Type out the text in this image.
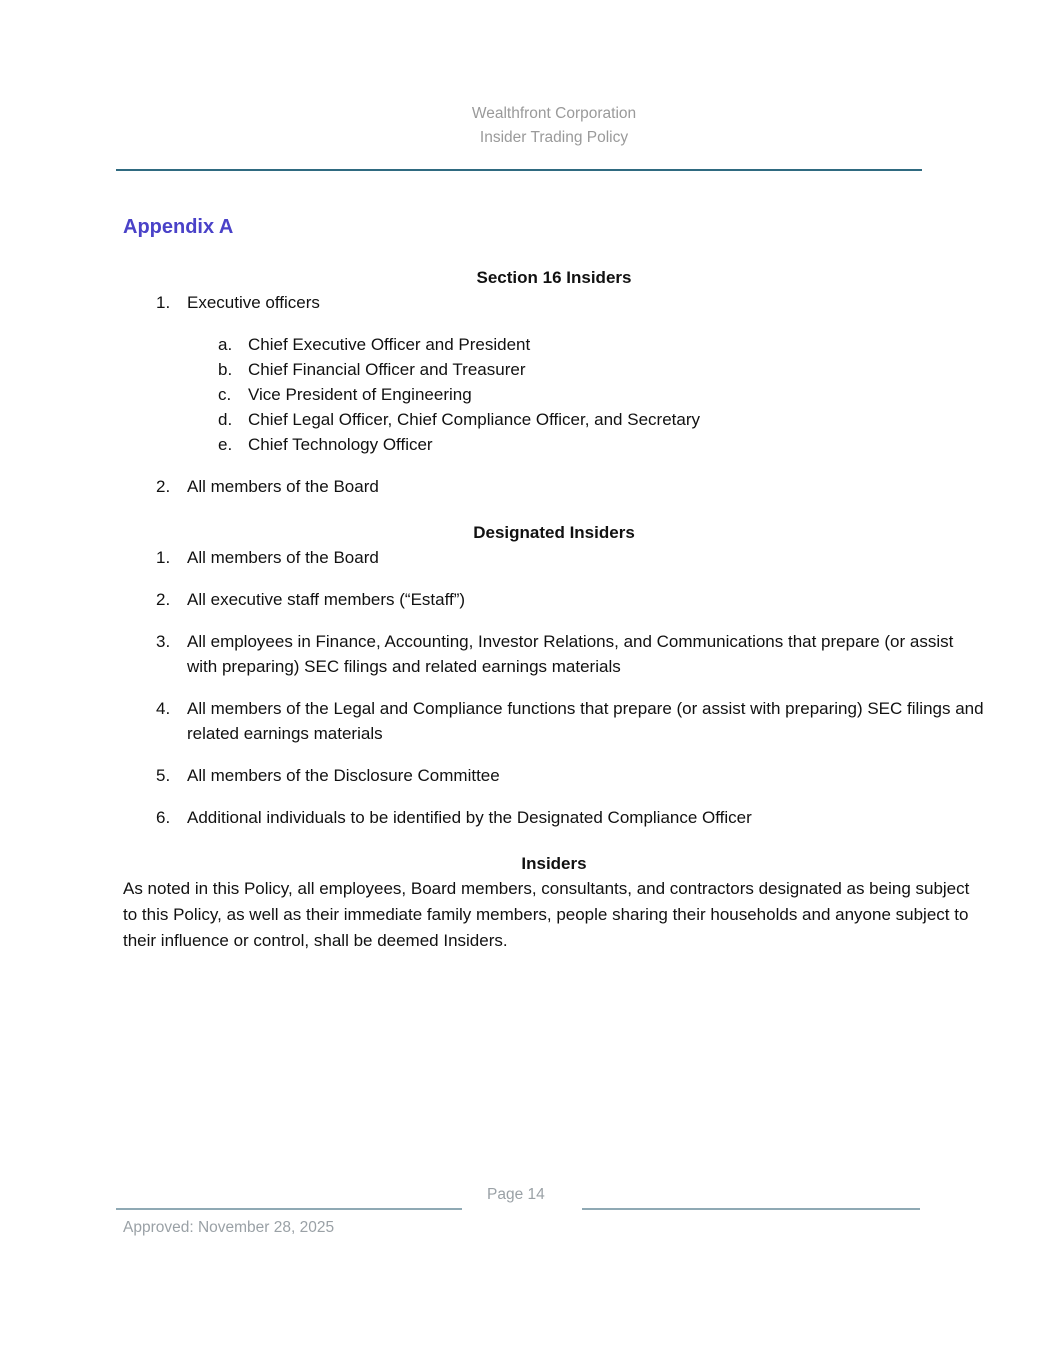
Wealthfront Corporation
Insider Trading Policy
Appendix A
Section 16 Insiders
1. Executive officers
a. Chief Executive Officer and President
b. Chief Financial Officer and Treasurer
c. Vice President of Engineering
d. Chief Legal Officer, Chief Compliance Officer, and Secretary
e. Chief Technology Officer
2. All members of the Board
Designated Insiders
1. All members of the Board
2. All executive staff members (“Estaff”)
3. All employees in Finance, Accounting, Investor Relations, and Communications that prepare (or assist with preparing) SEC filings and related earnings materials
4. All members of the Legal and Compliance functions that prepare (or assist with preparing) SEC filings and related earnings materials
5. All members of the Disclosure Committee
6. Additional individuals to be identified by the Designated Compliance Officer
Insiders

As noted in this Policy, all employees, Board members, consultants, and contractors designated as being subject to this Policy, as well as their immediate family members, people sharing their households and anyone subject to their influence or control, shall be deemed Insiders.

Page 14
Approved: November 28, 2025
